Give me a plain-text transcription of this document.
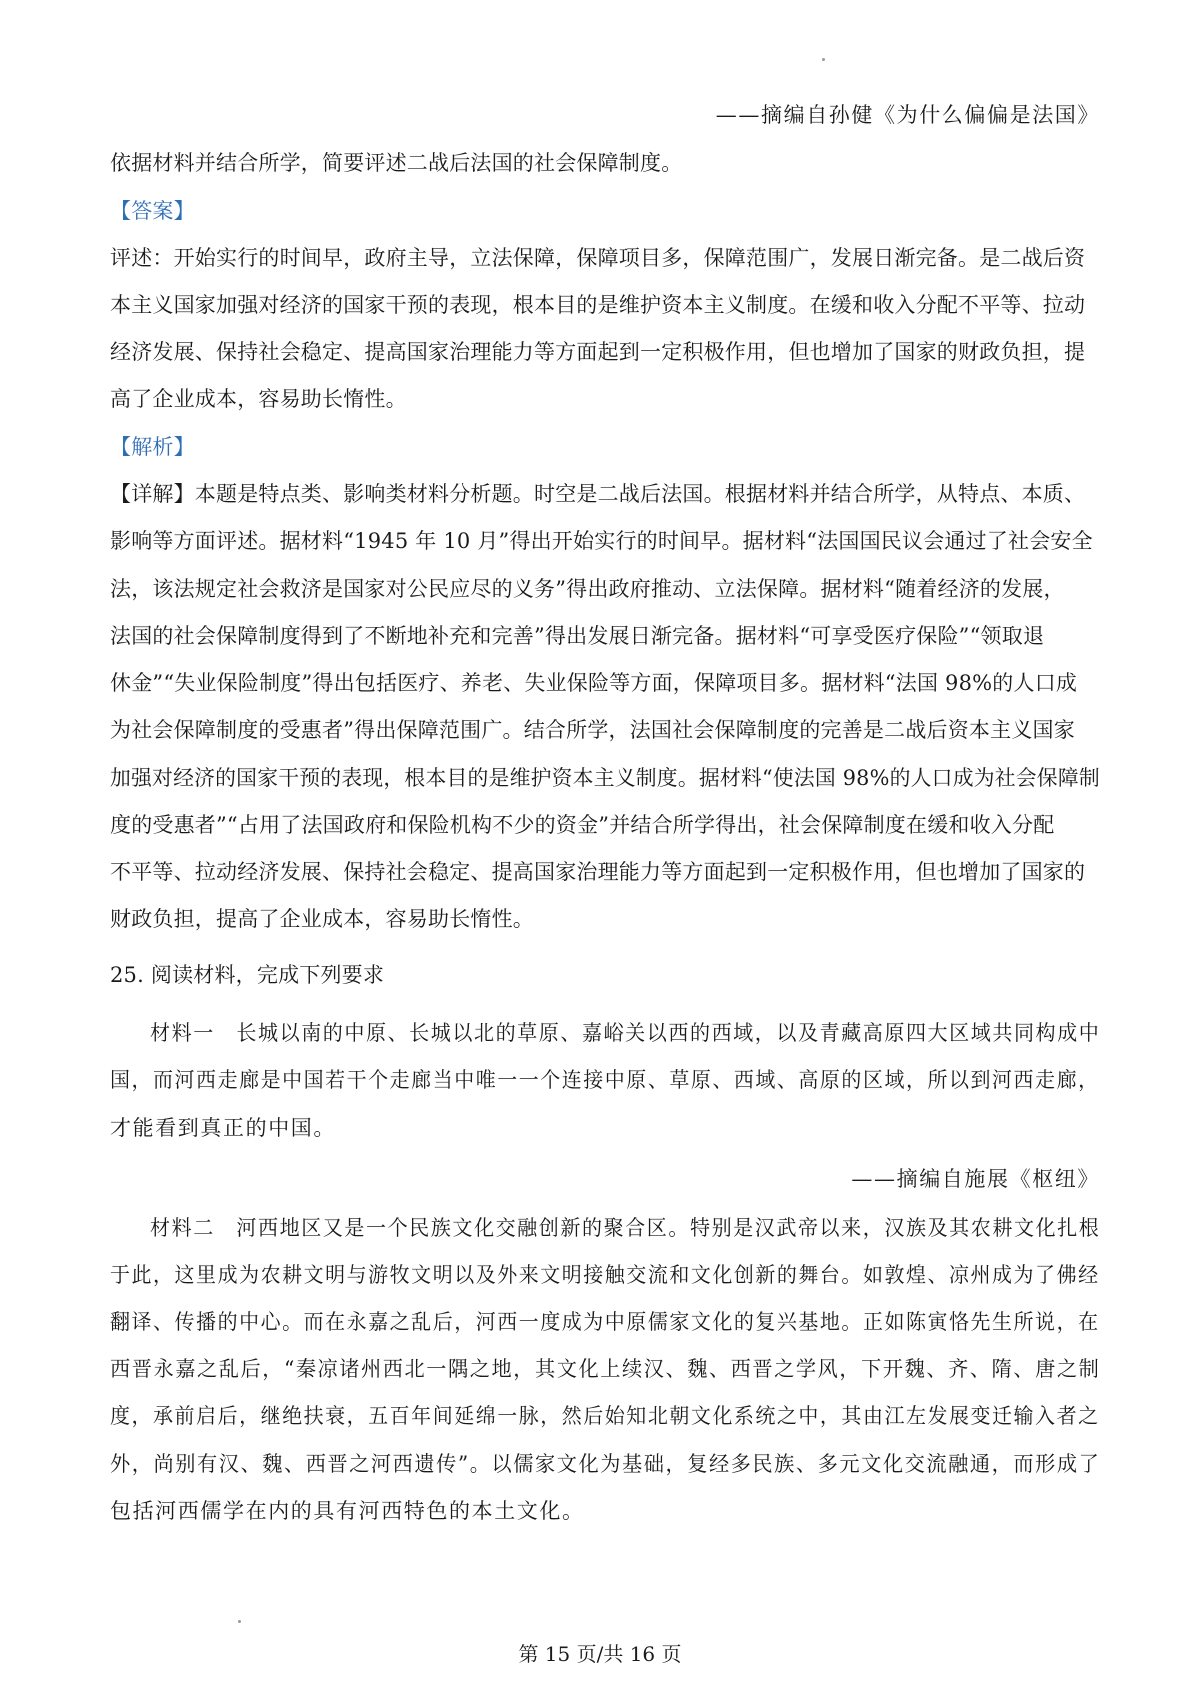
——摘编自孙健《为什么偏偏是法国》
依据材料并结合所学，简要评述二战后法国的社会保障制度。
【答案】
评述：开始实行的时间早，政府主导，立法保障，保障项目多，保障范围广，发展日渐完备。是二战后资
本主义国家加强对经济的国家干预的表现，根本目的是维护资本主义制度。在缓和收入分配不平等、拉动
经济发展、保持社会稳定、提高国家治理能力等方面起到一定积极作用，但也增加了国家的财政负担，提
高了企业成本，容易助长惰性。
【解析】
【详解】本题是特点类、影响类材料分析题。时空是二战后法国。根据材料并结合所学，从特点、本质、
影响等方面评述。据材料“1945 年 10 月”得出开始实行的时间早。据材料“法国国民议会通过了社会安全
法，该法规定社会救济是国家对公民应尽的义务”得出政府推动、立法保障。据材料“随着经济的发展，
法国的社会保障制度得到了不断地补充和完善”得出发展日渐完备。据材料“可享受医疗保险”“领取退
休金”“失业保险制度”得出包括医疗、养老、失业保险等方面，保障项目多。据材料“法国 98%的人口成
为社会保障制度的受惠者”得出保障范围广。结合所学，法国社会保障制度的完善是二战后资本主义国家
加强对经济的国家干预的表现，根本目的是维护资本主义制度。据材料“使法国 98%的人口成为社会保障制
度的受惠者”“占用了法国政府和保险机构不少的资金”并结合所学得出，社会保障制度在缓和收入分配
不平等、拉动经济发展、保持社会稳定、提高国家治理能力等方面起到一定积极作用，但也增加了国家的
财政负担，提高了企业成本，容易助长惰性。
25. 阅读材料，完成下列要求
材料一　长城以南的中原、长城以北的草原、嘉峪关以西的西域，以及青藏高原四大区域共同构成中
国，而河西走廊是中国若干个走廊当中唯一一个连接中原、草原、西域、高原的区域，所以到河西走廊，
才能看到真正的中国。
——摘编自施展《枢纽》
材料二　河西地区又是一个民族文化交融创新的聚合区。特别是汉武帝以来，汉族及其农耕文化扎根
于此，这里成为农耕文明与游牧文明以及外来文明接触交流和文化创新的舞台。如敦煌、凉州成为了佛经
翻译、传播的中心。而在永嘉之乱后，河西一度成为中原儒家文化的复兴基地。正如陈寅恪先生所说，在
西晋永嘉之乱后，“秦凉诸州西北一隅之地，其文化上续汉、魏、西晋之学风，下开魏、齐、隋、唐之制
度，承前启后，继绝扶衰，五百年间延绵一脉，然后始知北朝文化系统之中，其由江左发展变迁输入者之
外，尚别有汉、魏、西晋之河西遗传”。以儒家文化为基础，复经多民族、多元文化交流融通，而形成了
包括河西儒学在内的具有河西特色的本土文化。
第 15 页/共 16 页
